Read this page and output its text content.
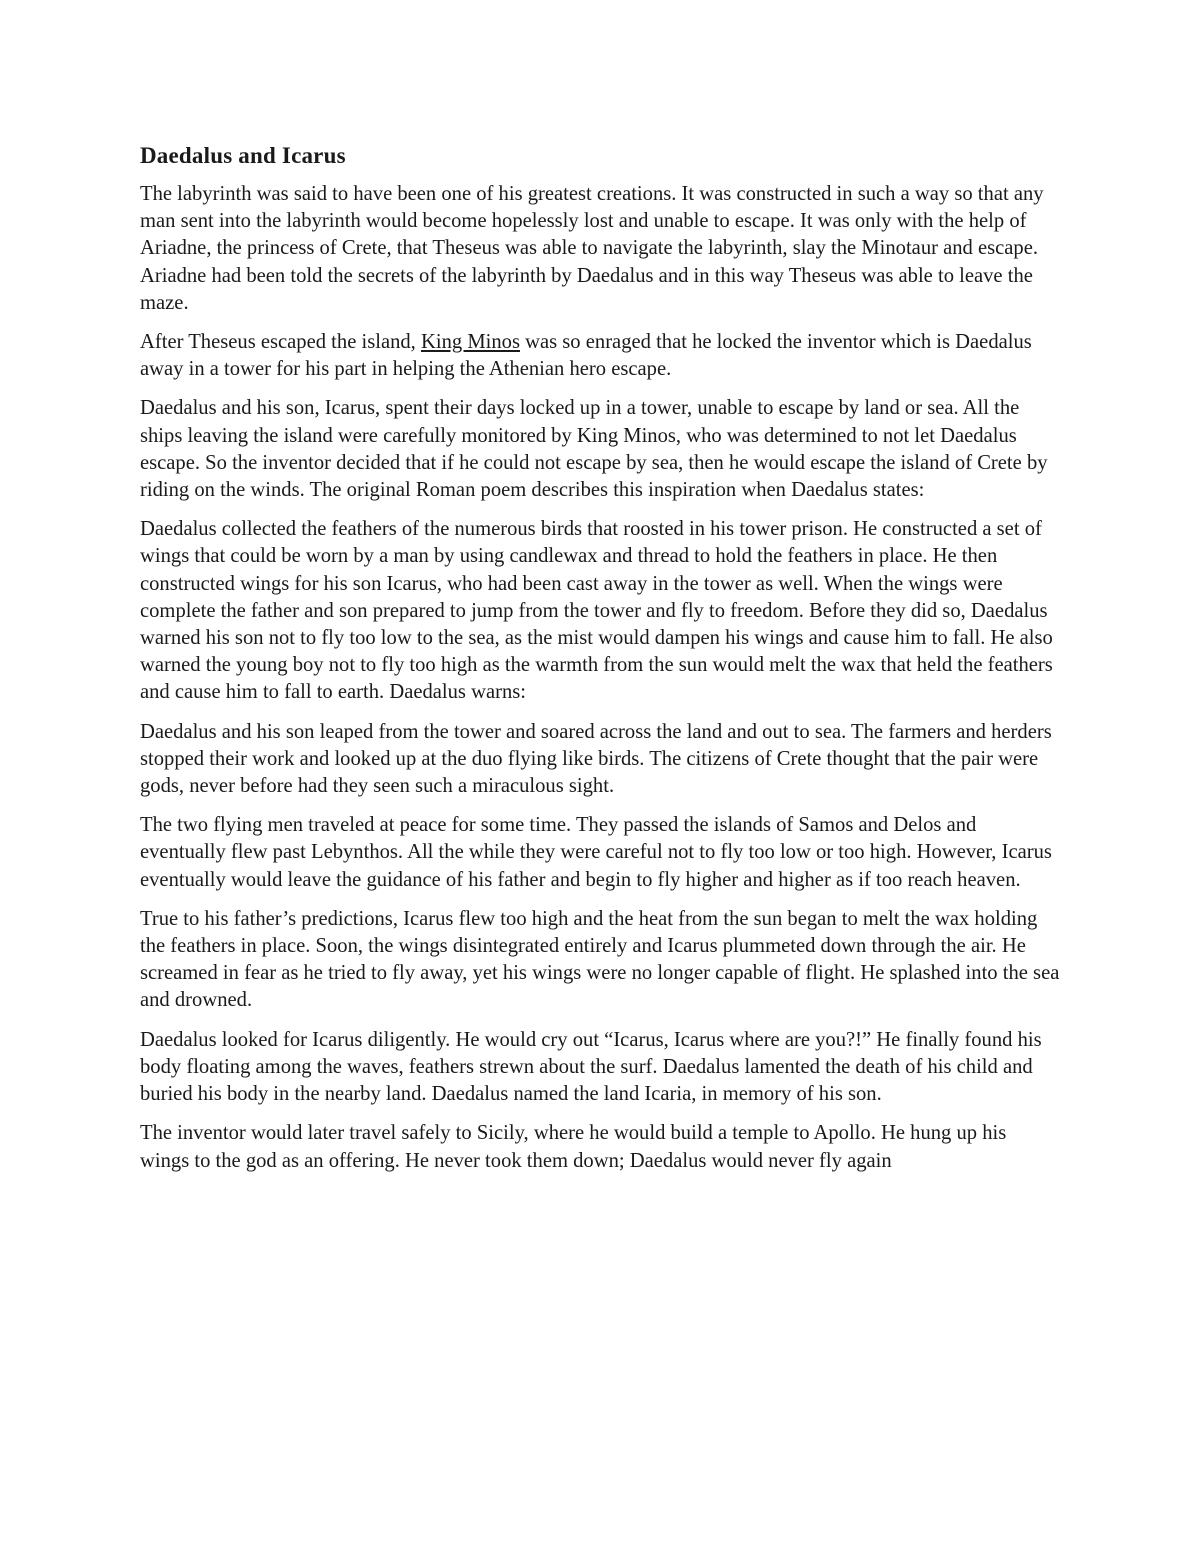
Daedalus and Icarus

The labyrinth was said to have been one of his greatest creations. It was constructed in such a way so that any man sent into the labyrinth would become hopelessly lost and unable to escape. It was only with the help of Ariadne, the princess of Crete, that Theseus was able to navigate the labyrinth, slay the Minotaur and escape. Ariadne had been told the secrets of the labyrinth by Daedalus and in this way Theseus was able to leave the maze.

After Theseus escaped the island, King Minos was so enraged that he locked the inventor which is Daedalus away in a tower for his part in helping the Athenian hero escape.

Daedalus and his son, Icarus, spent their days locked up in a tower, unable to escape by land or sea. All the ships leaving the island were carefully monitored by King Minos, who was determined to not let Daedalus escape. So the inventor decided that if he could not escape by sea, then he would escape the island of Crete by riding on the winds. The original Roman poem describes this inspiration when Daedalus states:

Daedalus collected the feathers of the numerous birds that roosted in his tower prison. He constructed a set of wings that could be worn by a man by using candlewax and thread to hold the feathers in place. He then constructed wings for his son Icarus, who had been cast away in the tower as well. When the wings were complete the father and son prepared to jump from the tower and fly to freedom. Before they did so, Daedalus warned his son not to fly too low to the sea, as the mist would dampen his wings and cause him to fall. He also warned the young boy not to fly too high as the warmth from the sun would melt the wax that held the feathers and cause him to fall to earth. Daedalus warns:

Daedalus and his son leaped from the tower and soared across the land and out to sea. The farmers and herders stopped their work and looked up at the duo flying like birds. The citizens of Crete thought that the pair were gods, never before had they seen such a miraculous sight.

The two flying men traveled at peace for some time. They passed the islands of Samos and Delos and eventually flew past Lebynthos. All the while they were careful not to fly too low or too high. However, Icarus eventually would leave the guidance of his father and begin to fly higher and higher as if too reach heaven.

True to his father’s predictions, Icarus flew too high and the heat from the sun began to melt the wax holding the feathers in place. Soon, the wings disintegrated entirely and Icarus plummeted down through the air. He screamed in fear as he tried to fly away, yet his wings were no longer capable of flight. He splashed into the sea and drowned.

Daedalus looked for Icarus diligently. He would cry out “Icarus, Icarus where are you?!” He finally found his body floating among the waves, feathers strewn about the surf. Daedalus lamented the death of his child and buried his body in the nearby land. Daedalus named the land Icaria, in memory of his son.

The inventor would later travel safely to Sicily, where he would build a temple to Apollo. He hung up his wings to the god as an offering. He never took them down; Daedalus would never fly again
